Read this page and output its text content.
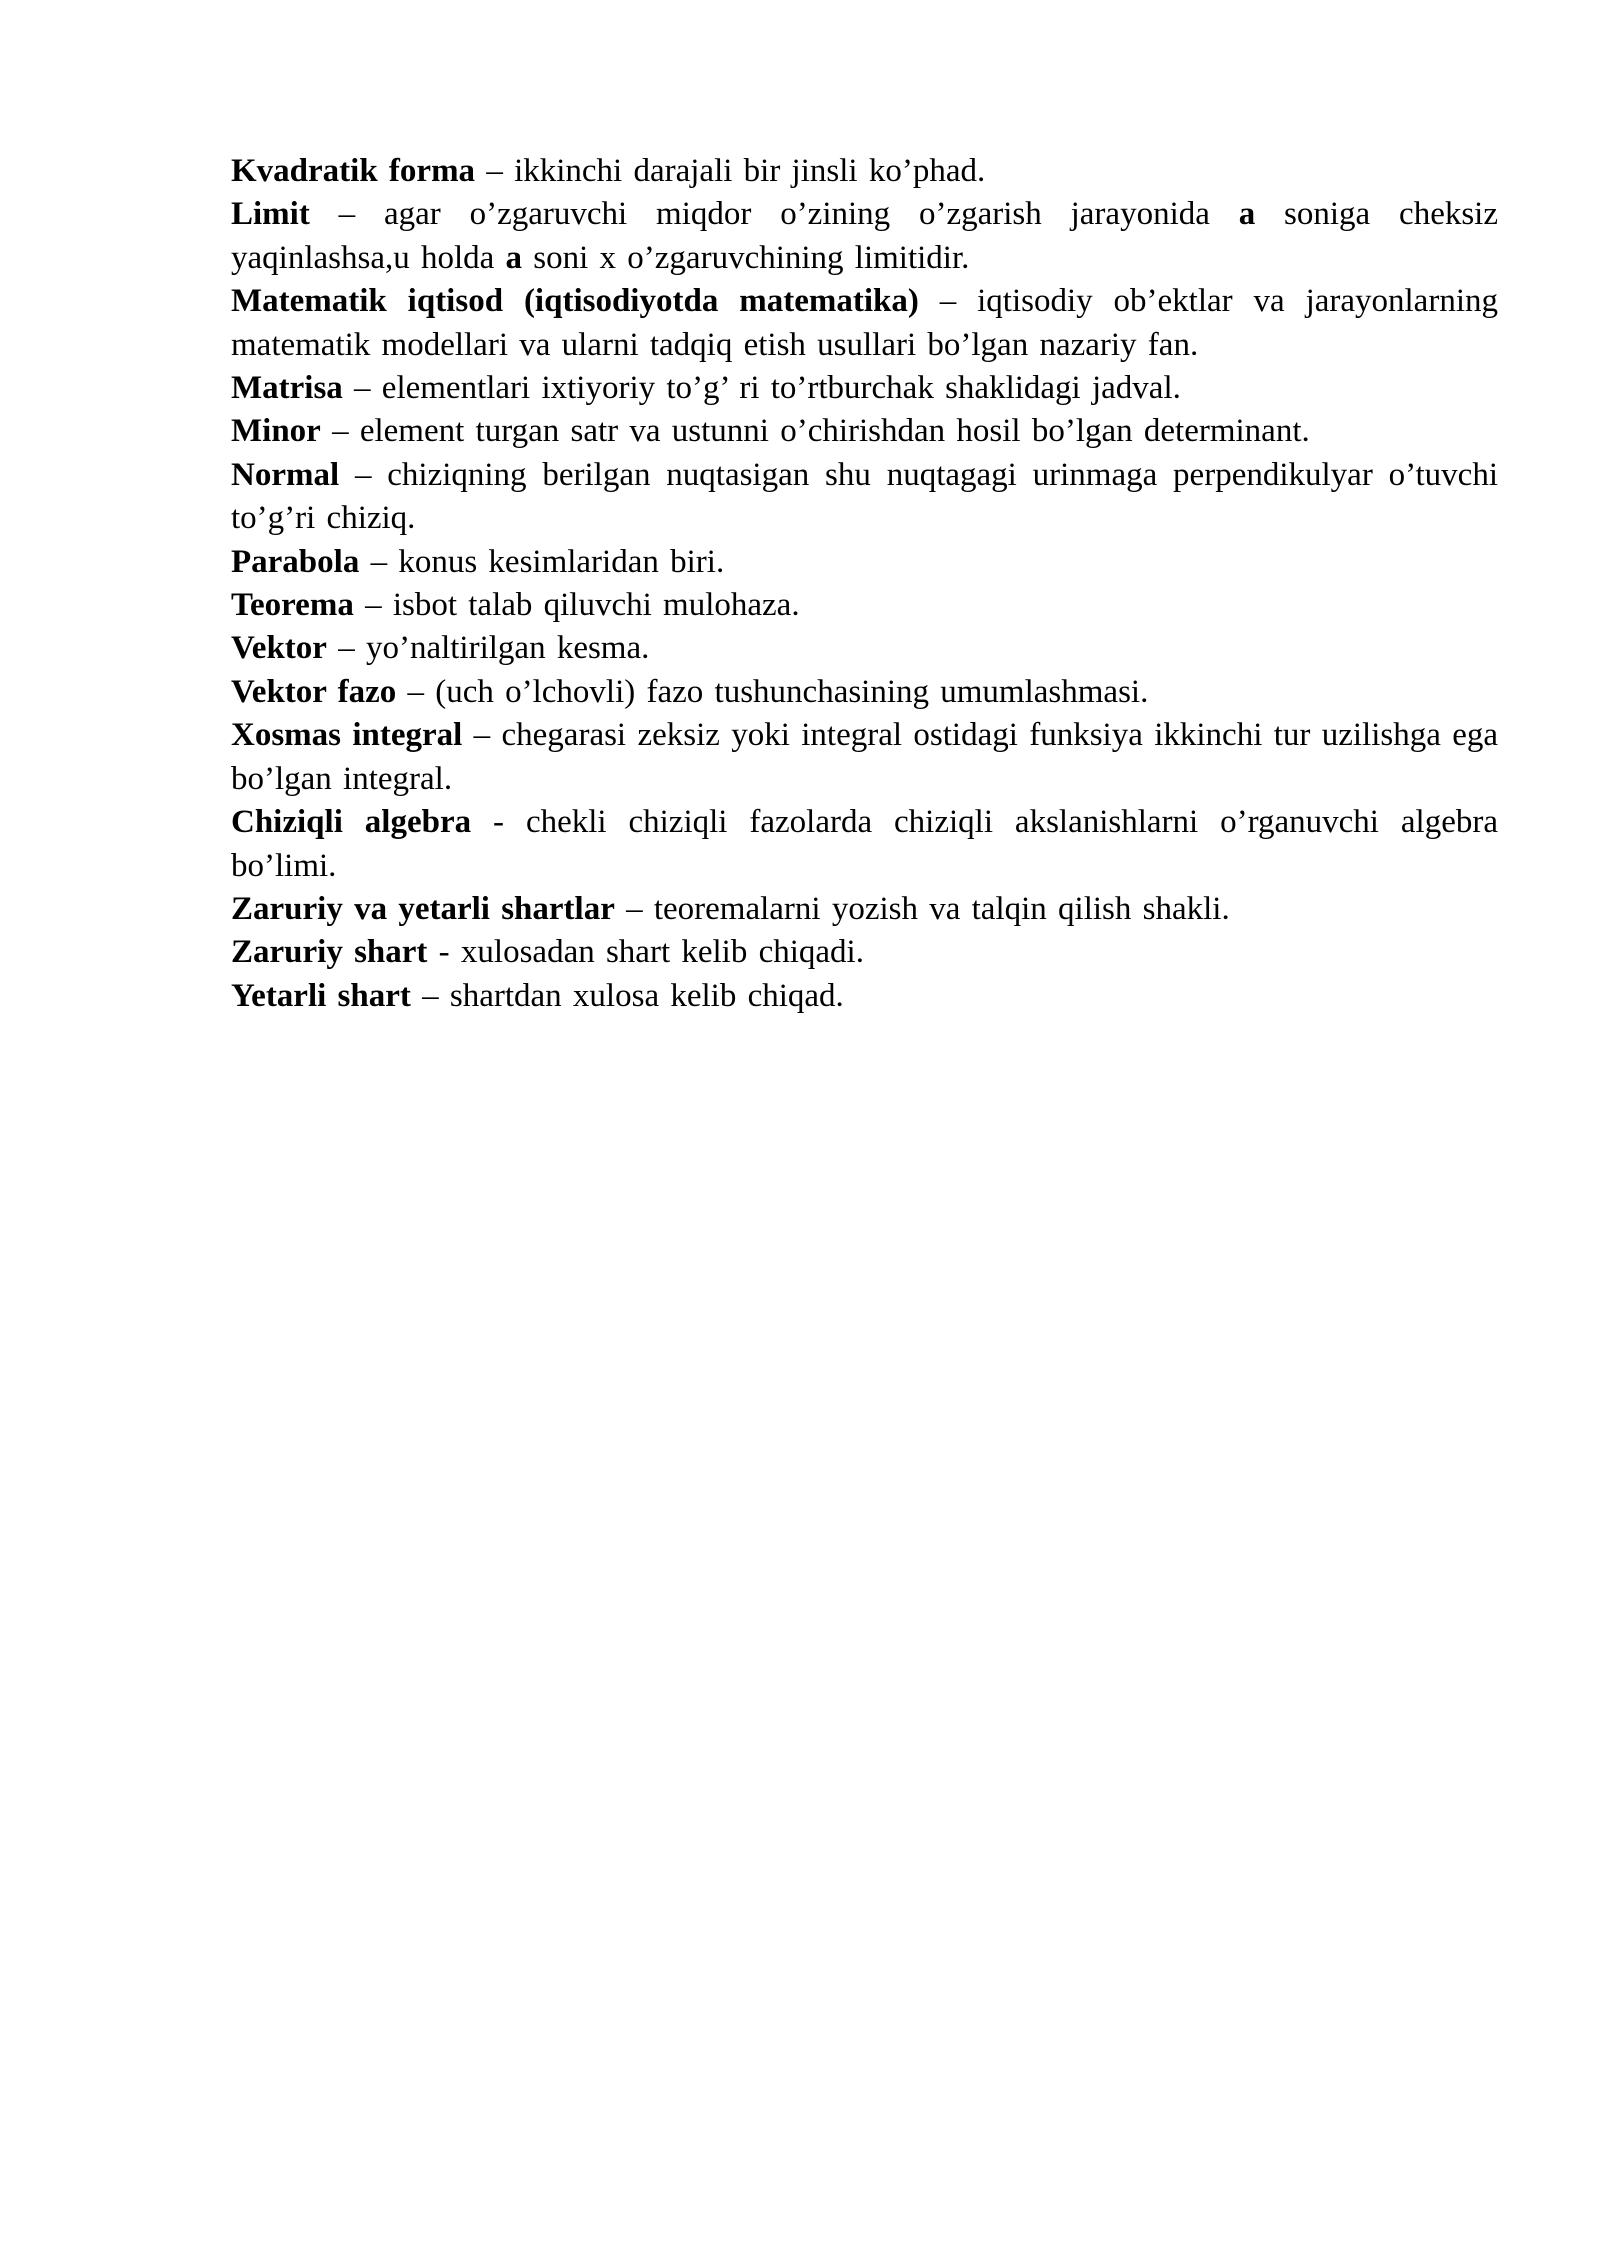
Kvadratik forma – ikkinchi darajali bir jinsli ko’phad.

Limit – agar o’zgaruvchi miqdor o’zining o’zgarish jarayonida a soniga cheksiz yaqinlashsa,u holda a soni x o’zgaruvchining limitidir.

Matematik iqtisod (iqtisodiyotda matematika) – iqtisodiy ob’ektlar va jarayonlarning matematik modellari va ularni tadqiq etish usullari bo’lgan nazariy fan.

Matrisa – elementlari ixtiyoriy to’g’ ri to’rtburchak shaklidagi jadval.

Minor – element turgan satr va ustunni o’chirishdan hosil bo’lgan determinant.

Normal – chiziqning berilgan nuqtasigan shu nuqtagagi urinmaga perpendikulyar o’tuvchi to’g’ri chiziq.

Parabola – konus kesimlaridan biri.

Teorema – isbot talab qiluvchi mulohaza.

Vektor – yo’naltirilgan kesma.

Vektor fazo – (uch o’lchovli) fazo tushunchasining umumlashmasi.

Xosmas integral – chegarasi zeksiz yoki integral ostidagi funksiya ikkinchi tur uzilishga ega bo’lgan integral.

Chiziqli algebra - chekli chiziqli fazolarda chiziqli akslanishlarni o’rganuvchi algebra bo’limi.

Zaruriy va yetarli shartlar – teoremalarni yozish va talqin qilish shakli.

Zaruriy shart - xulosadan shart kelib chiqadi.

Yetarli shart – shartdan xulosa kelib chiqad.
